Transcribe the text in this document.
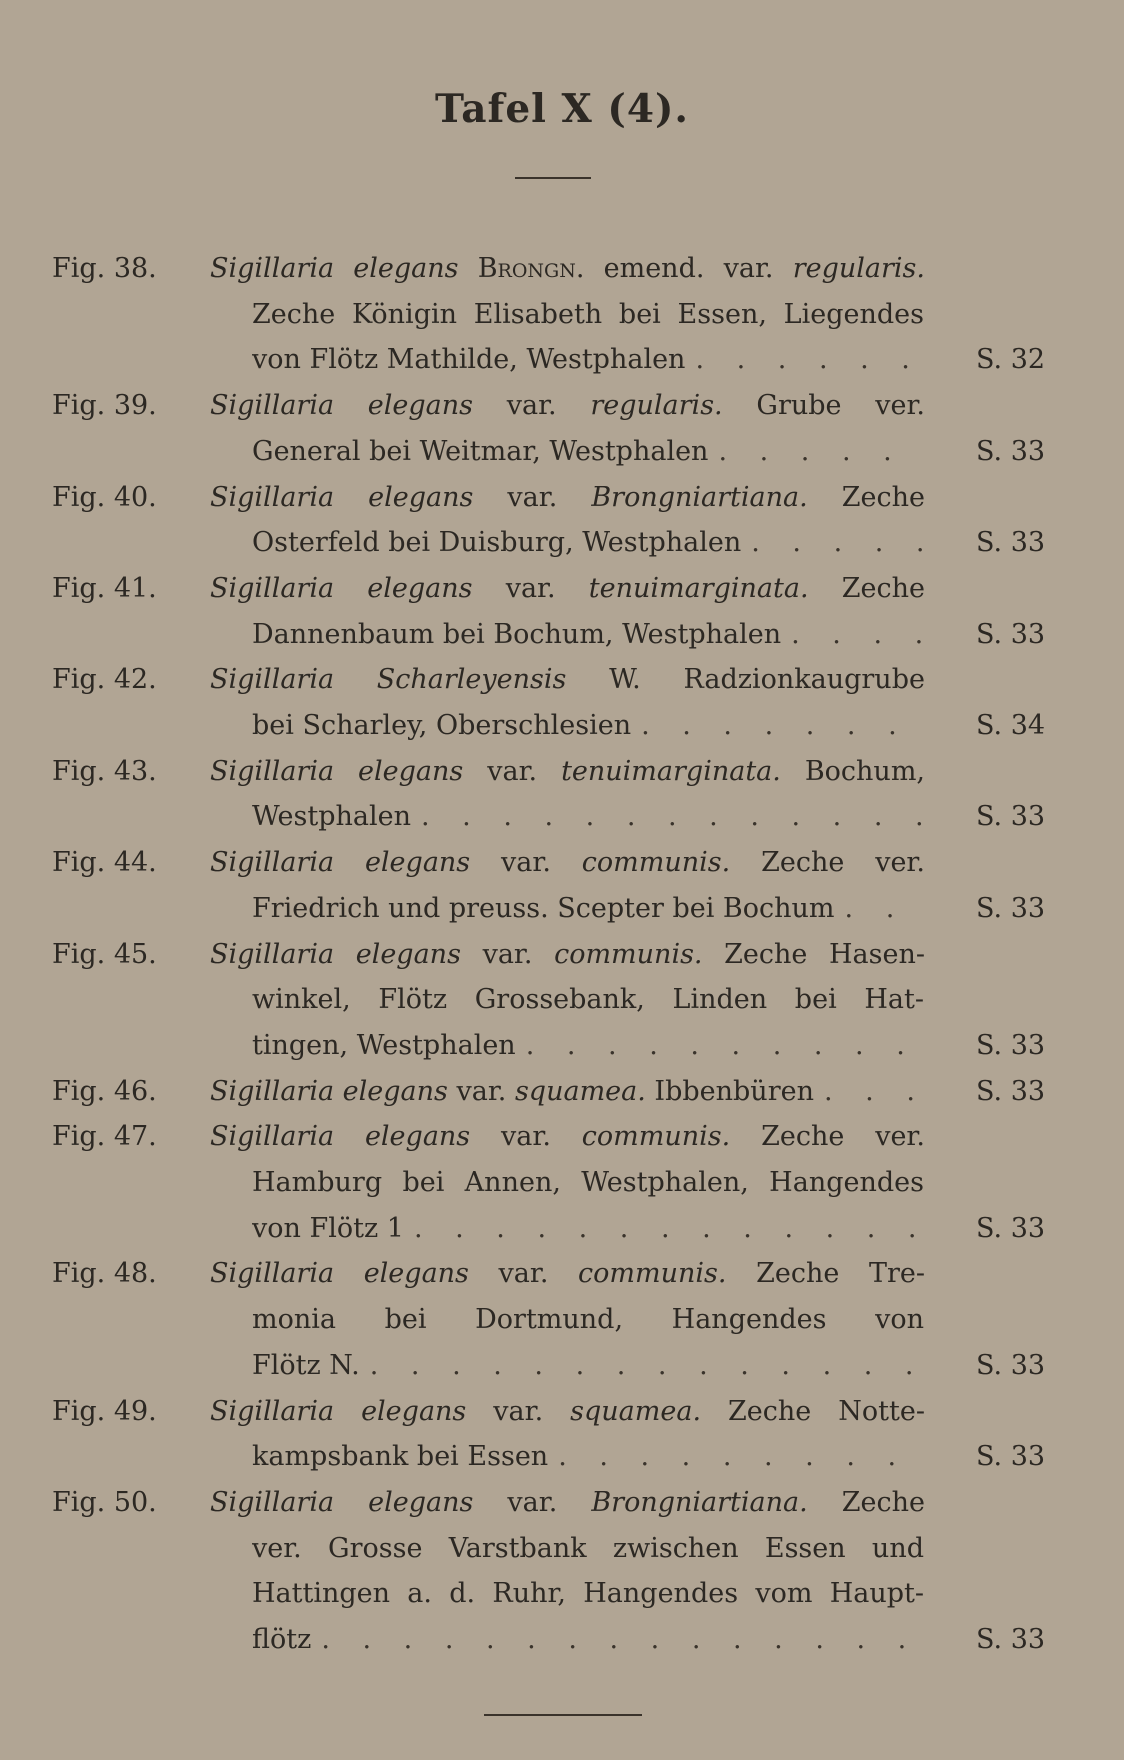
Tafel X (4).
Fig. 38.	Sigillaria elegans Brongn. emend. var. regularis.
Zeche Königin Elisabeth bei Essen, Liegendes
von Flötz Mathilde, Westphalen . . .	S. 32
Fig. 39.	Sigillaria elegans var. regularis. Grube ver.
General bei Weitmar, Westphalen . . .	S. 33
Fig. 40.	Sigillaria elegans var. Brongniartiana. Zeche
Osterfeld bei Duisburg, Westphalen . . .	S. 33
Fig. 41.	Sigillaria elegans var. tenuimarginata. Zeche
Dannenbaum bei Bochum, Westphalen . . .	S. 33
Fig. 42.	Sigillaria Scharleyensis W. Radzionkaugrube
bei Scharley, Oberschlesien . . .	S. 34
Fig. 43.	Sigillaria elegans var. tenuimarginata. Bochum,
Westphalen . . .	S. 33
Fig. 44.	Sigillaria elegans var. communis. Zeche ver.
Friedrich und preuss. Scepter bei Bochum . . .	S. 33
Fig. 45.	Sigillaria elegans var. communis. Zeche Hasen-
winkel, Flötz Grossebank, Linden bei Hat-
tingen, Westphalen . . .	S. 33
Fig. 46.	Sigillaria elegans var. squamea. Ibbenbüren . . .	S. 33
Fig. 47.	Sigillaria elegans var. communis. Zeche ver.
Hamburg bei Annen, Westphalen, Hangendes
von Flötz 1 . . .	S. 33
Fig. 48.	Sigillaria elegans var. communis. Zeche Tre-
monia bei Dortmund, Hangendes von
Flötz N. . . .	S. 33
Fig. 49.	Sigillaria elegans var. squamea. Zeche Notte-
kampsbank bei Essen . . .	S. 33
Fig. 50.	Sigillaria elegans var. Brongniartiana. Zeche
ver. Grosse Varstbank zwischen Essen und
Hattingen a. d. Ruhr, Hangendes vom Haupt-
flötz . . .	S. 33
